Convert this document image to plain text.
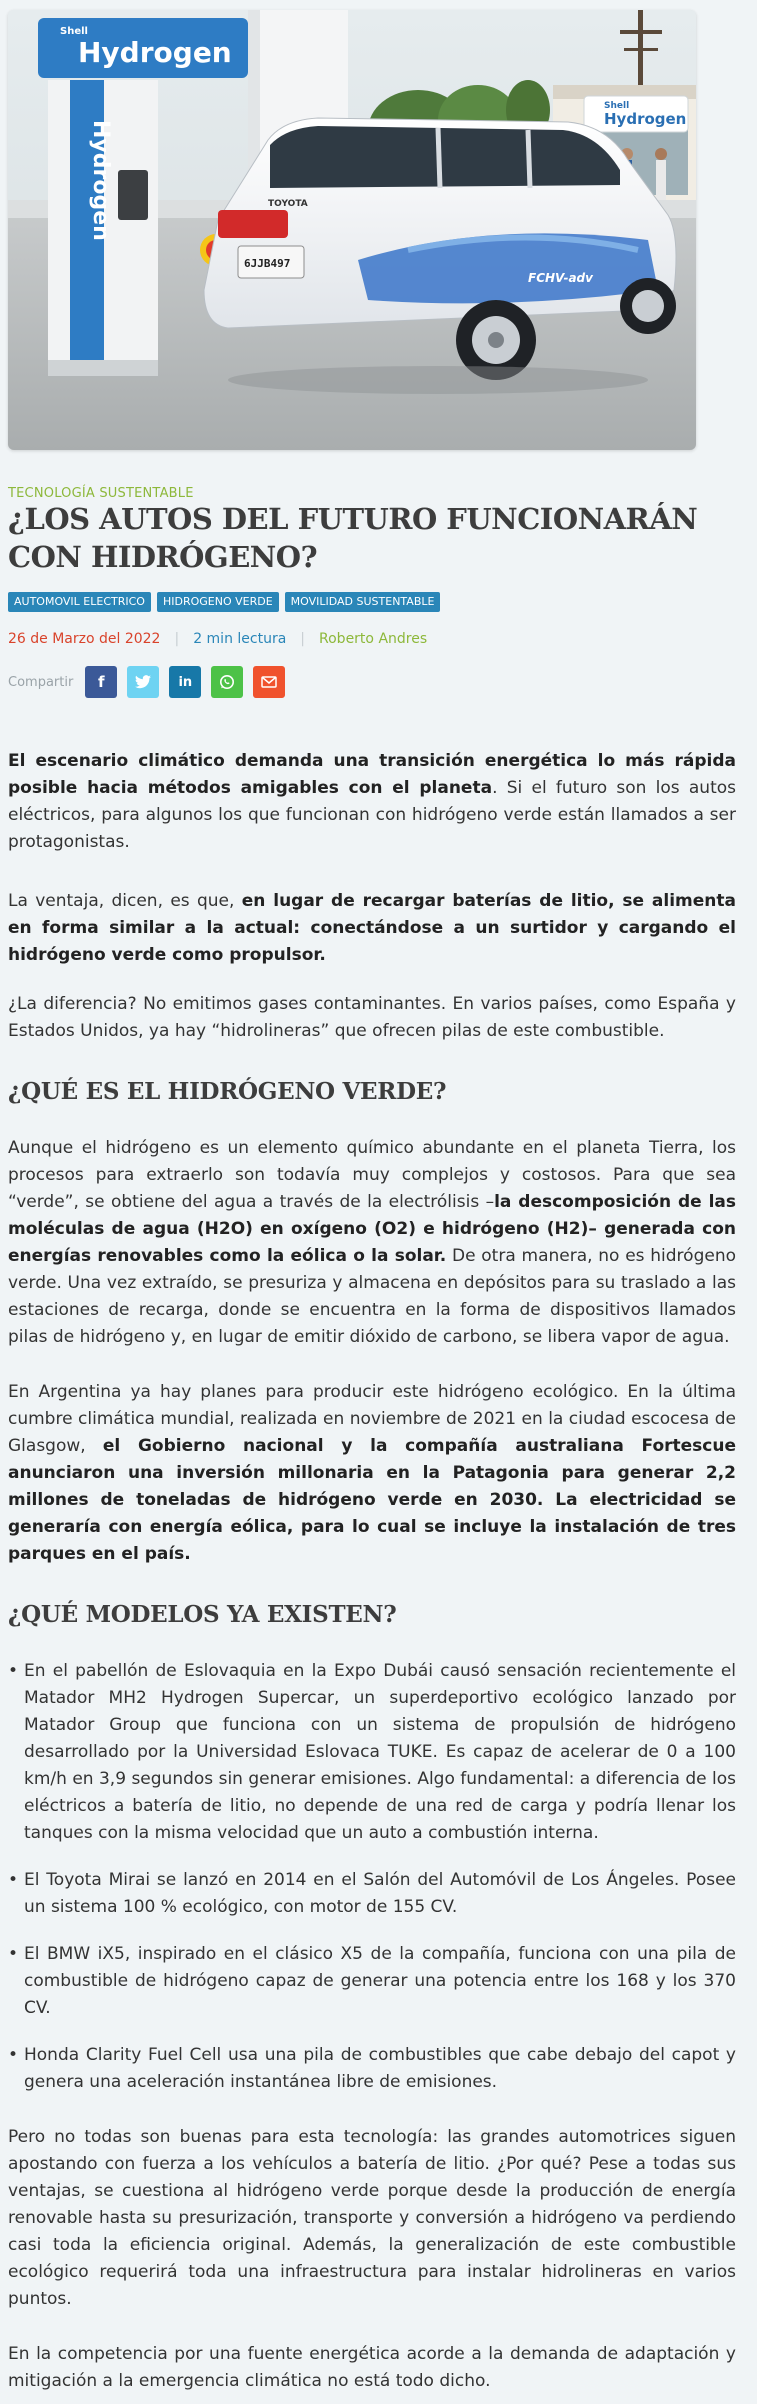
Shell
Hydrogen
Shell
Hydrogen
Hydrogen
6JJB497
TOYOTA
FCHV-adv
TECNOLOGÍA SUSTENTABLE
¿LOS AUTOS DEL FUTURO FUNCIONARÁN CON HIDRÓGENO?
AUTOMOVIL ELECTRICO	HIDROGENO VERDE	MOVILIDAD SUSTENTABLE
26 de Marzo del 2022 | 2 min lectura | Roberto Andres
Compartir f	in

El escenario climático demanda una transición energética lo más rápida posible hacia métodos amigables con el planeta. Si el futuro son los autos eléctricos, para algunos los que funcionan con hidrógeno verde están llamados a ser protagonistas.

La ventaja, dicen, es que, en lugar de recargar baterías de litio, se alimenta en forma similar a la actual: conectándose a un surtidor y cargando el hidrógeno verde como propulsor.

¿La diferencia? No emitimos gases contaminantes. En varios países, como España y Estados Unidos, ya hay “hidrolineras” que ofrecen pilas de este combustible.

¿QUÉ ES EL HIDRÓGENO VERDE?

Aunque el hidrógeno es un elemento químico abundante en el planeta Tierra, los procesos para extraerlo son todavía muy complejos y costosos. Para que sea “verde”, se obtiene del agua a través de la electrólisis –la descomposición de las moléculas de agua (H2O) en oxígeno (O2) e hidrógeno (H2)– generada con energías renovables como la eólica o la solar. De otra manera, no es hidrógeno verde. Una vez extraído, se presuriza y almacena en depósitos para su traslado a las estaciones de recarga, donde se encuentra en la forma de dispositivos llamados pilas de hidrógeno y, en lugar de emitir dióxido de carbono, se libera vapor de agua.

En Argentina ya hay planes para producir este hidrógeno ecológico. En la última cumbre climática mundial, realizada en noviembre de 2021 en la ciudad escocesa de Glasgow, el Gobierno nacional y la compañía australiana Fortescue anunciaron una inversión millonaria en la Patagonia para generar 2,2 millones de toneladas de hidrógeno verde en 2030. La electricidad se generaría con energía eólica, para lo cual se incluye la instalación de tres parques en el país.

¿QUÉ MODELOS YA EXISTEN?
• En el pabellón de Eslovaquia en la Expo Dubái causó sensación recientemente el Matador MH2 Hydrogen Supercar, un superdeportivo ecológico lanzado por Matador Group que funciona con un sistema de propulsión de hidrógeno desarrollado por la Universidad Eslovaca TUKE. Es capaz de acelerar de 0 a 100 km/h en 3,9 segundos sin generar emisiones. Algo fundamental: a diferencia de los eléctricos a batería de litio, no depende de una red de carga y podría llenar los tanques con la misma velocidad que un auto a combustión interna.
• El Toyota Mirai se lanzó en 2014 en el Salón del Automóvil de Los Ángeles. Posee un sistema 100 % ecológico, con motor de 155 CV.
• El BMW iX5, inspirado en el clásico X5 de la compañía, funciona con una pila de combustible de hidrógeno capaz de generar una potencia entre los 168 y los 370 CV.
• Honda Clarity Fuel Cell usa una pila de combustibles que cabe debajo del capot y genera una aceleración instantánea libre de emisiones.

Pero no todas son buenas para esta tecnología: las grandes automotrices siguen apostando con fuerza a los vehículos a batería de litio. ¿Por qué? Pese a todas sus ventajas, se cuestiona al hidrógeno verde porque desde la producción de energía renovable hasta su presurización, transporte y conversión a hidrógeno va perdiendo casi toda la eficiencia original. Además, la generalización de este combustible ecológico requerirá toda una infraestructura para instalar hidrolineras en varios puntos.

En la competencia por una fuente energética acorde a la demanda de adaptación y mitigación a la emergencia climática no está todo dicho.
